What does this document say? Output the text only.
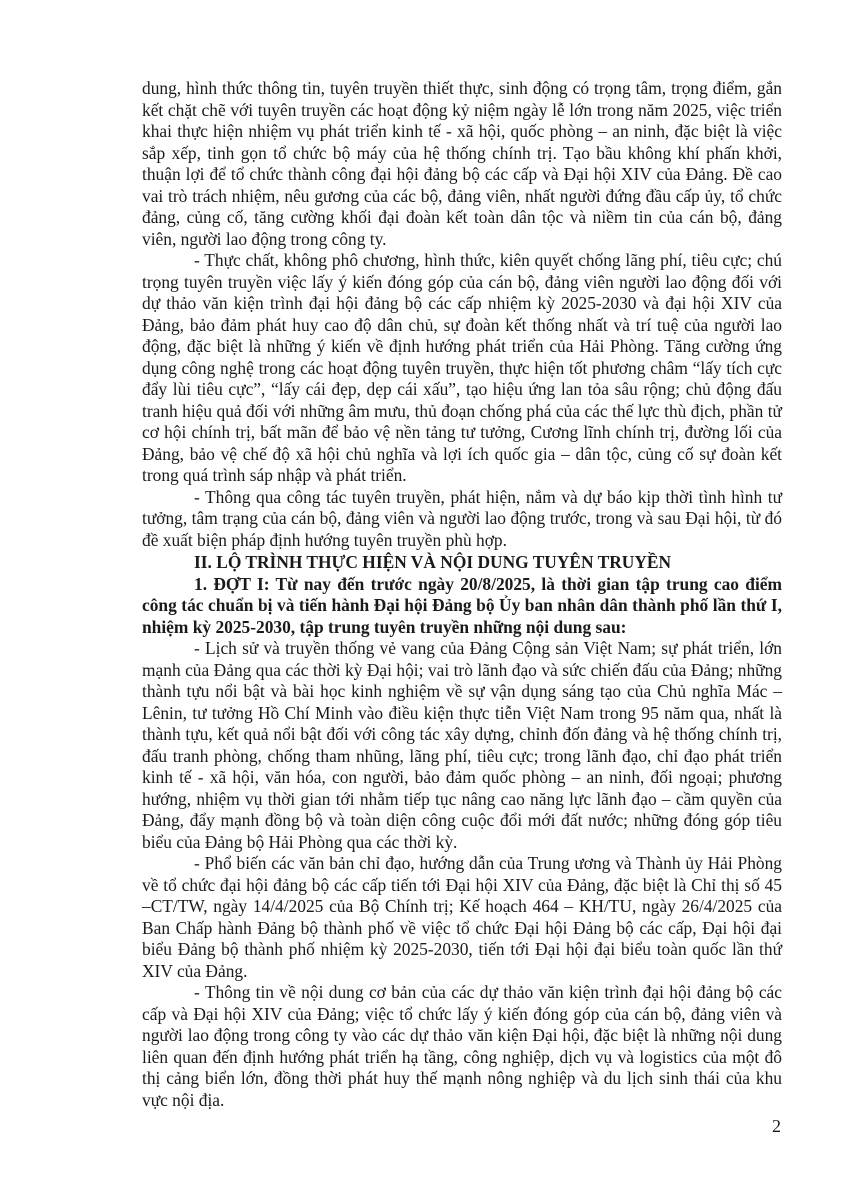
dung, hình thức thông tin, tuyên truyền thiết thực, sinh động có trọng tâm, trọng điểm, gắn kết chặt chẽ với tuyên truyền các hoạt động kỷ niệm ngày lễ lớn trong năm 2025, việc triển khai thực hiện nhiệm vụ phát triển kinh tế - xã hội, quốc phòng – an ninh, đặc biệt là việc sắp xếp, tinh gọn tổ chức bộ máy của hệ thống chính trị. Tạo bầu không khí phấn khởi, thuận lợi để tổ chức thành công đại hội đảng bộ các cấp và Đại hội XIV của Đảng. Đề cao vai trò trách nhiệm, nêu gương của các bộ, đảng viên, nhất người đứng đầu cấp ủy, tổ chức đảng, củng cố, tăng cường khối đại đoàn kết toàn dân tộc và niềm tin của cán bộ, đảng viên, người lao động trong công ty.

- Thực chất, không phô chương, hình thức, kiên quyết chống lãng phí, tiêu cực; chú trọng tuyên truyền việc lấy ý kiến đóng góp của cán bộ, đảng viên người lao động đối với dự thảo văn kiện trình đại hội đảng bộ các cấp nhiệm kỳ 2025-2030 và đại hội XIV của Đảng, bảo đảm phát huy cao độ dân chủ, sự đoàn kết thống nhất và trí tuệ của người lao động, đặc biệt là những ý kiến về định hướng phát triển của Hải Phòng. Tăng cường ứng dụng công nghệ trong các hoạt động tuyên truyền, thực hiện tốt phương châm “lấy tích cực đẩy lùi tiêu cực”, “lấy cái đẹp, dẹp cái xấu”, tạo hiệu ứng lan tỏa sâu rộng; chủ động đấu tranh hiệu quả đối với những âm mưu, thủ đoạn chống phá của các thế lực thù địch, phần tử cơ hội chính trị, bất mãn để bảo vệ nền tảng tư tưởng, Cương lĩnh chính trị, đường lối của Đảng, bảo vệ chế độ xã hội chủ nghĩa và lợi ích quốc gia – dân tộc, củng cố sự đoàn kết trong quá trình sáp nhập và phát triển.

- Thông qua công tác tuyên truyền, phát hiện, nắm và dự báo kịp thời tình hình tư tưởng, tâm trạng của cán bộ, đảng viên và người lao động trước, trong và sau Đại hội, từ đó đề xuất biện pháp định hướng tuyên truyền phù hợp.

II. LỘ TRÌNH THỰC HIỆN VÀ NỘI DUNG TUYÊN TRUYỀN

1. ĐỢT I: Từ nay đến trước ngày 20/8/2025, là thời gian tập trung cao điểm công tác chuẩn bị và tiến hành Đại hội Đảng bộ Ủy ban nhân dân thành phố lần thứ I, nhiệm kỳ 2025-2030, tập trung tuyên truyền những nội dung sau:

- Lịch sử và truyền thống vẻ vang của Đảng Cộng sản Việt Nam; sự phát triển, lớn mạnh của Đảng qua các thời kỳ Đại hội; vai trò lãnh đạo và sức chiến đấu của Đảng; những thành tựu nổi bật và bài học kinh nghiệm về sự vận dụng sáng tạo của Chủ nghĩa Mác – Lênin, tư tưởng Hồ Chí Minh vào điều kiện thực tiễn Việt Nam trong 95 năm qua, nhất là thành tựu, kết quả nổi bật đối với công tác xây dựng, chỉnh đốn đảng và hệ thống chính trị, đấu tranh phòng, chống tham nhũng, lãng phí, tiêu cực; trong lãnh đạo, chỉ đạo phát triển kinh tế - xã hội, văn hóa, con người, bảo đảm quốc phòng – an ninh, đối ngoại; phương hướng, nhiệm vụ thời gian tới nhằm tiếp tục nâng cao năng lực lãnh đạo – cầm quyền của Đảng, đẩy mạnh đồng bộ và toàn diện công cuộc đổi mới đất nước; những đóng góp tiêu biểu của Đảng bộ Hải Phòng qua các thời kỳ.

- Phổ biến các văn bản chỉ đạo, hướng dẫn của Trung ương và Thành ủy Hải Phòng về tổ chức đại hội đảng bộ các cấp tiến tới Đại hội XIV của Đảng, đặc biệt là Chỉ thị số 45 –CT/TW, ngày 14/4/2025 của Bộ Chính trị; Kế hoạch 464 – KH/TU, ngày 26/4/2025 của Ban Chấp hành Đảng bộ thành phố về việc tổ chức Đại hội Đảng bộ các cấp, Đại hội đại biểu Đảng bộ thành phố nhiệm kỳ 2025-2030, tiến tới Đại hội đại biểu toàn quốc lần thứ XIV của Đảng.

- Thông tin về nội dung cơ bản của các dự thảo văn kiện trình đại hội đảng bộ các cấp và Đại hội XIV của Đảng; việc tổ chức lấy ý kiến đóng góp của cán bộ, đảng viên và người lao động trong công ty vào các dự thảo văn kiện Đại hội, đặc biệt là những nội dung liên quan đến định hướng phát triển hạ tầng, công nghiệp, dịch vụ và logistics của một đô thị cảng biển lớn, đồng thời phát huy thế mạnh nông nghiệp và du lịch sinh thái của khu vực nội địa.

2
